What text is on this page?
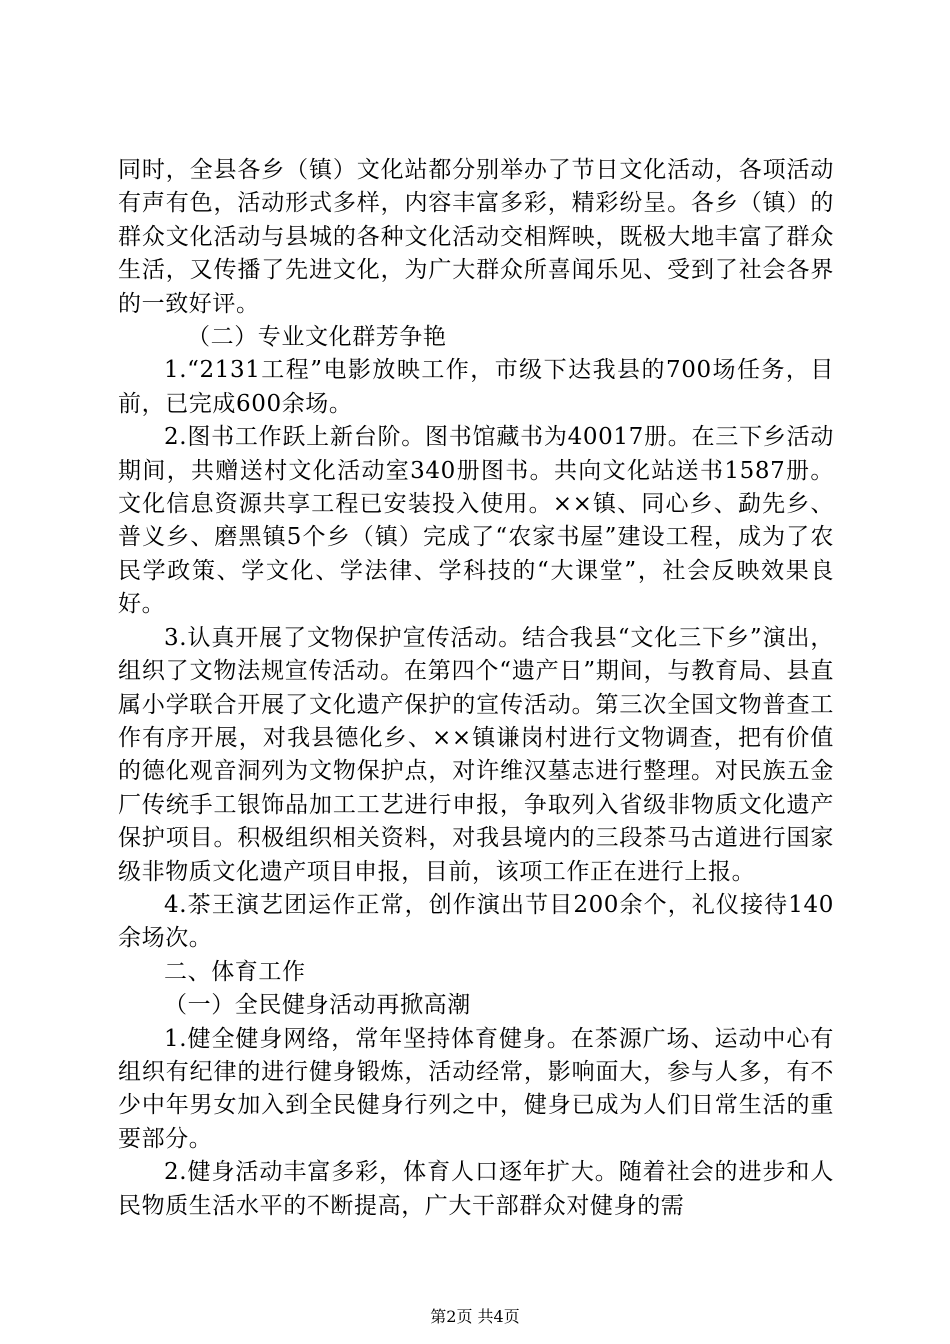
同时，全县各乡（镇）文化站都分别举办了节日文化活动，各项活动有声有色，活动形式多样，内容丰富多彩，精彩纷呈。各乡（镇）的群众文化活动与县城的各种文化活动交相辉映，既极大地丰富了群众生活，又传播了先进文化，为广大群众所喜闻乐见、受到了社会各界的一致好评。

（二）专业文化群芳争艳

1.“2131工程”电影放映工作，市级下达我县的700场任务，目前，已完成600余场。

2.图书工作跃上新台阶。图书馆藏书为40017册。在三下乡活动期间，共赠送村文化活动室340册图书。共向文化站送书1587册。文化信息资源共享工程已安装投入使用。××镇、同心乡、勐先乡、普义乡、磨黑镇5个乡（镇）完成了“农家书屋”建设工程，成为了农民学政策、学文化、学法律、学科技的“大课堂”，社会反映效果良好。

3.认真开展了文物保护宣传活动。结合我县“文化三下乡”演出，组织了文物法规宣传活动。在第四个“遗产日”期间，与教育局、县直属小学联合开展了文化遗产保护的宣传活动。第三次全国文物普查工作有序开展，对我县德化乡、××镇谦岗村进行文物调查，把有价值的德化观音洞列为文物保护点，对许维汉墓志进行整理。对民族五金厂传统手工银饰品加工工艺进行申报，争取列入省级非物质文化遗产保护项目。积极组织相关资料，对我县境内的三段茶马古道进行国家级非物质文化遗产项目申报，目前，该项工作正在进行上报。

4.茶王演艺团运作正常，创作演出节目200余个，礼仪接待140余场次。

二、体育工作

（一）全民健身活动再掀高潮

1.健全健身网络，常年坚持体育健身。在茶源广场、运动中心有组织有纪律的进行健身锻炼，活动经常，影响面大，参与人多，有不少中年男女加入到全民健身行列之中，健身已成为人们日常生活的重要部分。

2.健身活动丰富多彩，体育人口逐年扩大。随着社会的进步和人民物质生活水平的不断提高，广大干部群众对健身的需

第2页 共4页
